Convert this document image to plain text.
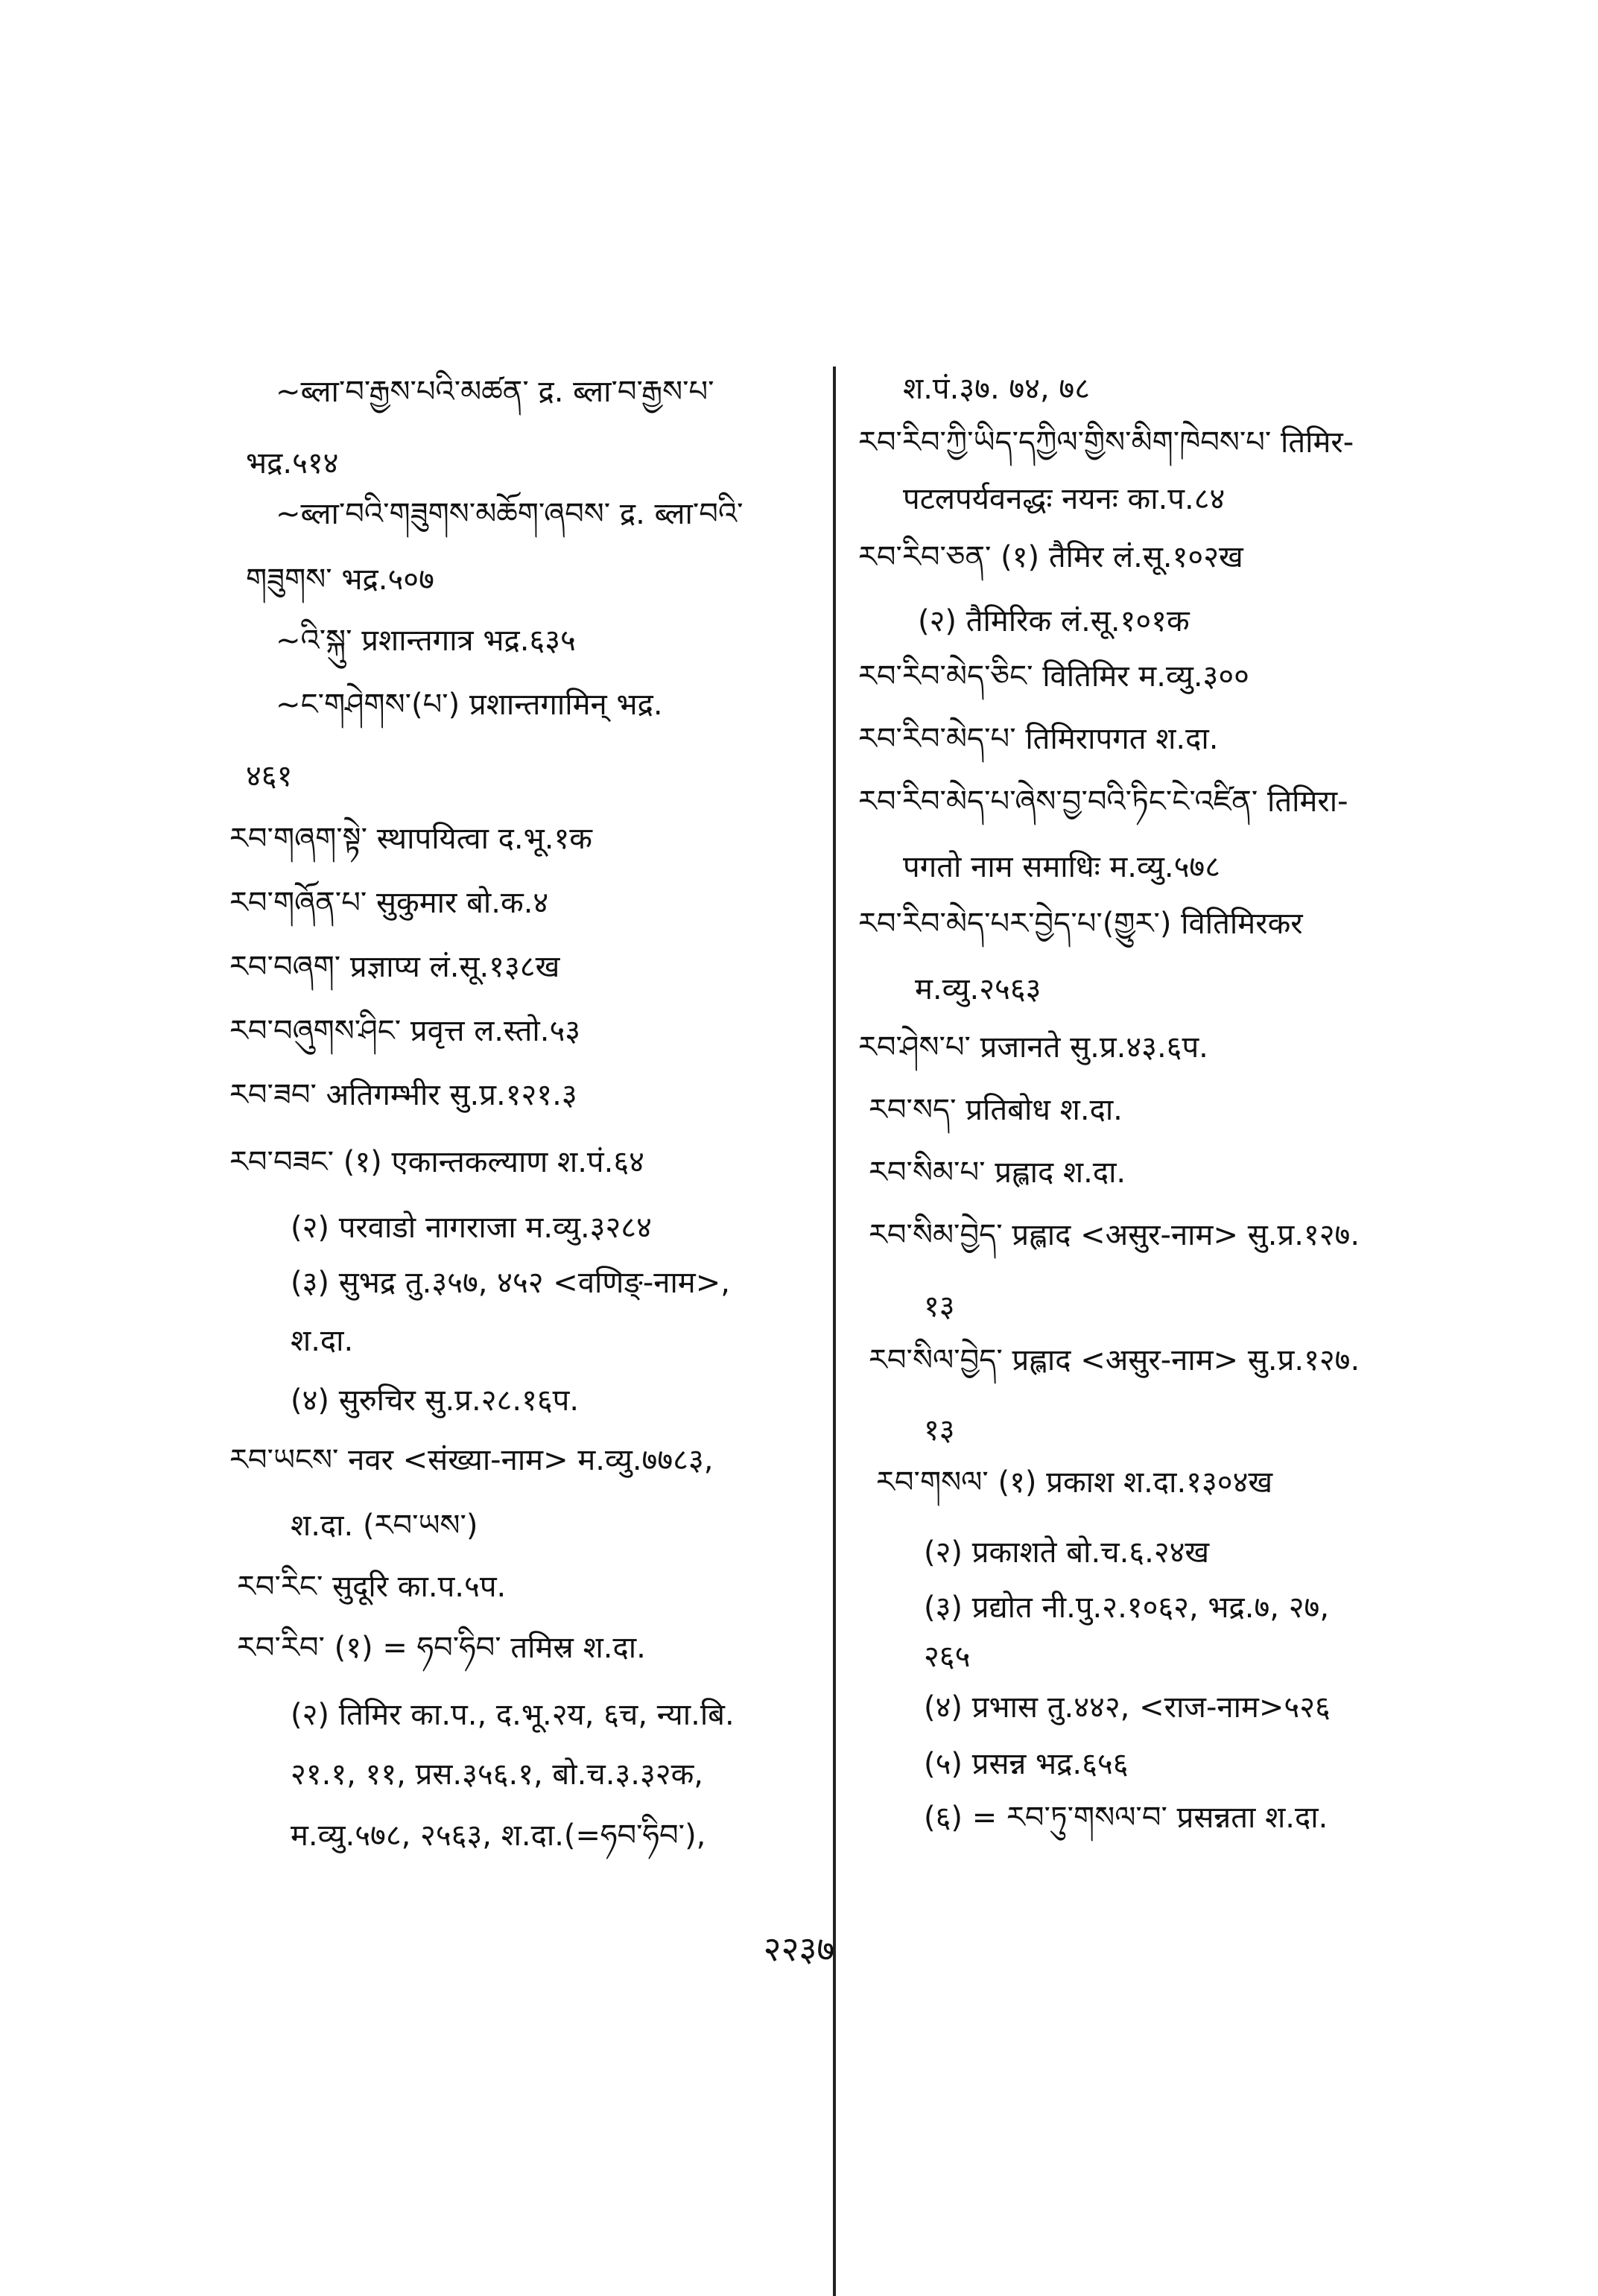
~ब्ला་བ་རྒྱས་པའི་མཚན་ द्र. ब्ला་བ་རྒྱས་པ་
भद्र.५१४
~ब्ला་བའི་གཟུགས་མཆོག་ཞབས་ द्र. ब्ला་བའི་
གཟུགས་ भद्र.५०७
~འི་སྐུ་ प्रशान्तगात्र भद्र.६३५
~ང་གཤེགས་(པ་) प्रशान्तगामिन् भद्र.
४६१
རབ་གཞག་སྟེ་ स्थापयित्वा द.भू.१क
རབ་གཞོན་པ་ सुकुमार बो.क.४
རབ་བཞག་ प्रज्ञाप्य लं.सू.१३८ख
རབ་བཞུགས་ཤིང་ प्रवृत्त ल.स्तो.५३
རབ་ཟབ་ अतिगम्भीर सु.प्र.१२१.३
རབ་བཟང་ (१) एकान्तकल्याण श.पं.६४
(२) परवाडो नागराजा म.व्यु.३२८४
(३) सुभद्र तु.३५७, ४५२ <वणिङ्-नाम>,
श.दा.
(४) सुरुचिर सु.प्र.२८.१६प.
རབ་ཡངས་ नवर <संख्या-नाम> म.व्यु.७७८३,
श.दा. (རབ་ཡས་)
རབ་རིང་ सुदूरि का.प.५प.
རབ་རིབ་ (१) = ཧབ་ཧིབ་ तमिस्र श.दा.
(२) तिमिर का.प., द.भू.२य, ६च, न्या.बि.
२१.१, ११, प्रस.३५६.१, बो.च.३.३२क,
म.व्यु.५७८, २५६३, श.दा.(=ཧབ་ཧིབ་),
श.पं.३७. ७४, ७८
རབ་རིབ་ཀྱི་ཡིད་དཀྱིལ་གྱིས་མིག་ཁེབས་པ་ तिमिर-
पटलपर्यवनद्धः नयनः का.प.८४
རབ་རིབ་ཅན་ (१) तैमिर लं.सू.१०२ख
(२) तैमिरिक लं.सू.१०१क
རབ་རིབ་མེད་ཅིང་ वितिमिर म.व्यु.३००
རབ་རིབ་མེད་པ་ तिमिरापगत श.दा.
རབ་རིབ་མེད་པ་ཞེས་བྱ་བའི་ཏིང་ངེ་འཛིན་ तिमिरा-
पगतो नाम समाधिः म.व्यु.५७८
རབ་རིབ་མེད་པར་བྱེད་པ་(གྱུར་) वितिमिरकर
म.व्यु.२५६३
རབ་ཤེས་པ་ प्रजानते सु.प्र.४३.६प.
རབ་སད་ प्रतिबोध श.दा.
རབ་སིམ་པ་ प्रह्लाद श.दा.
རབ་སིམ་བྱེད་ प्रह्लाद <असुर-नाम> सु.प्र.१२७.
१३
རབ་སིལ་བྱེད་ प्रह्लाद <असुर-नाम> सु.प्र.१२७.
१३
རབ་གསལ་ (१) प्रकाश श.दा.१३०४ख
(२) प्रकाशते बो.च.६.२४ख
(३) प्रद्योत नी.पु.२.१०६२, भद्र.७, २७,
२६५
(४) प्रभास तु.४४२, <राज-नाम>५२६
(५) प्रसन्न भद्र.६५६
(६) = རབ་ཏུ་གསལ་བ་ प्रसन्नता श.दा.
२२३७
